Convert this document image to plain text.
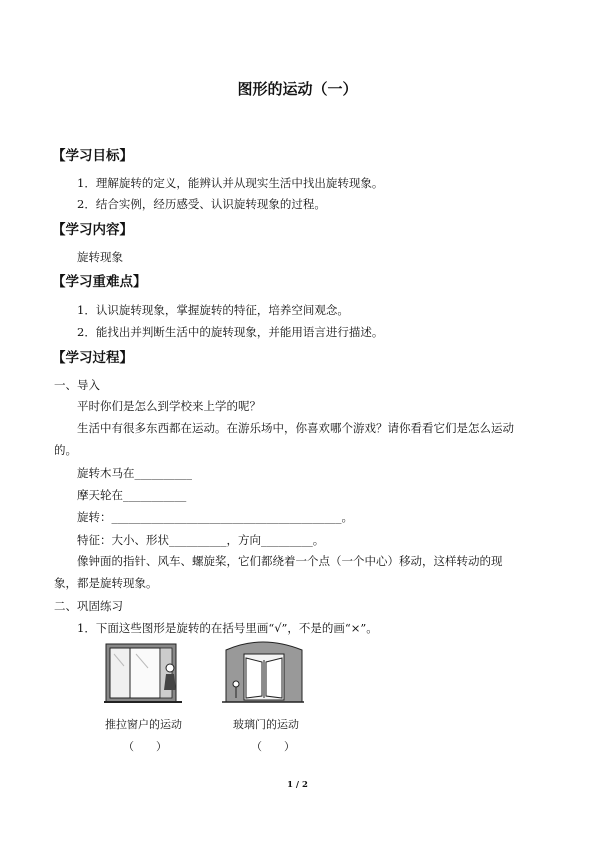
图形的运动（一）
【学习目标】
1．理解旋转的定义，能辨认并从现实生活中找出旋转现象。
2．结合实例，经历感受、认识旋转现象的过程。
【学习内容】
旋转现象
【学习重难点】
1．认识旋转现象，掌握旋转的特征，培养空间观念。
2．能找出并判断生活中的旋转现象，并能用语言进行描述。
【学习过程】
一、导入
平时你们是怎么到学校来上学的呢？
生活中有很多东西都在运动。在游乐场中，你喜欢哪个游戏？请你看看它们是怎么运动
的。
旋转木马在__________
摩天轮在___________
旋转：________________________________________。
特征：大小、形状__________，方向_________。
像钟面的指针、风车、螺旋桨，它们都绕着一个点（一个中心）移动，这样转动的现
象，都是旋转现象。
二、巩固练习
1．下面这些图形是旋转的在括号里画“√”，不是的画“×”。
推拉窗户的运动
（　　）
玻璃门的运动
（　　）
1 / 2
